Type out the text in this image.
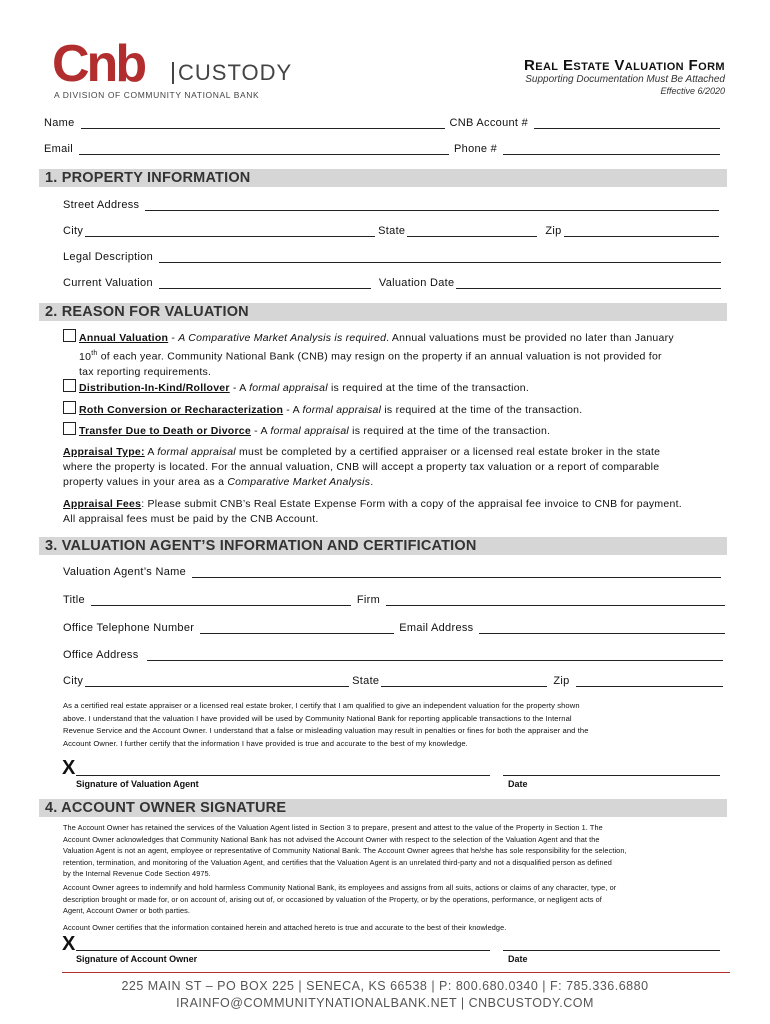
Cnb CUSTODY
A DIVISION OF COMMUNITY NATIONAL BANK
Real Estate Valuation Form
Supporting Documentation Must Be Attached
Effective 6/2020
Name	CNB Account #
Email	Phone #
1. PROPERTY INFORMATION
Street Address
City	State	Zip
Legal Description
Current Valuation	Valuation Date
2. REASON FOR VALUATION
Annual Valuation - A Comparative Market Analysis is required. Annual valuations must be provided no later than January
10th of each year. Community National Bank (CNB) may resign on the property if an annual valuation is not provided for
tax reporting requirements.
Distribution-In-Kind/Rollover - A formal appraisal is required at the time of the transaction.
Roth Conversion or Recharacterization - A formal appraisal is required at the time of the transaction.
Transfer Due to Death or Divorce - A formal appraisal is required at the time of the transaction.
Appraisal Type: A formal appraisal must be completed by a certified appraiser or a licensed real estate broker in the state
where the property is located. For the annual valuation, CNB will accept a property tax valuation or a report of comparable
property values in your area as a Comparative Market Analysis.
Appraisal Fees: Please submit CNB’s Real Estate Expense Form with a copy of the appraisal fee invoice to CNB for payment.
All appraisal fees must be paid by the CNB Account.
3. VALUATION AGENT’S INFORMATION AND CERTIFICATION
Valuation Agent’s Name
Title	Firm
Office Telephone Number	Email Address
Office Address
City	State	Zip
As a certified real estate appraiser or a licensed real estate broker, I certify that I am qualified to give an independent valuation for the property shown
above. I understand that the valuation I have provided will be used by Community National Bank for reporting applicable transactions to the Internal
Revenue Service and the Account Owner. I understand that a false or misleading valuation may result in penalties or fines for both the appraiser and the
Account Owner. I further certify that the information I have provided is true and accurate to the best of my knowledge.
X
Signature of Valuation Agent	Date
4. ACCOUNT OWNER SIGNATURE
The Account Owner has retained the services of the Valuation Agent listed in Section 3 to prepare, present and attest to the value of the Property in Section 1. The
Account Owner acknowledges that Community National Bank has not advised the Account Owner with respect to the selection of the Valuation Agent and that the
Valuation Agent is not an agent, employee or representative of Community National Bank. The Account Owner agrees that he/she has sole responsibility for the selection,
retention, termination, and monitoring of the Valuation Agent, and certifies that the Valuation Agent is an unrelated third-party and not a disqualified person as defined
by the Internal Revenue Code Section 4975.
Account Owner agrees to indemnify and hold harmless Community National Bank, its employees and assigns from all suits, actions or claims of any character, type, or
description brought or made for, or on account of, arising out of, or occasioned by valuation of the Property, or by the operations, performance, or negligent acts of
Agent, Account Owner or both parties.
Account Owner certifies that the information contained herein and attached hereto is true and accurate to the best of their knowledge.
X
Signature of Account Owner	Date
225 MAIN ST – PO BOX 225 | SENECA, KS 66538 | P: 800.680.0340 | F: 785.336.6880
IRAINFO@COMMUNITYNATIONALBANK.NET | CNBCUSTODY.COM
